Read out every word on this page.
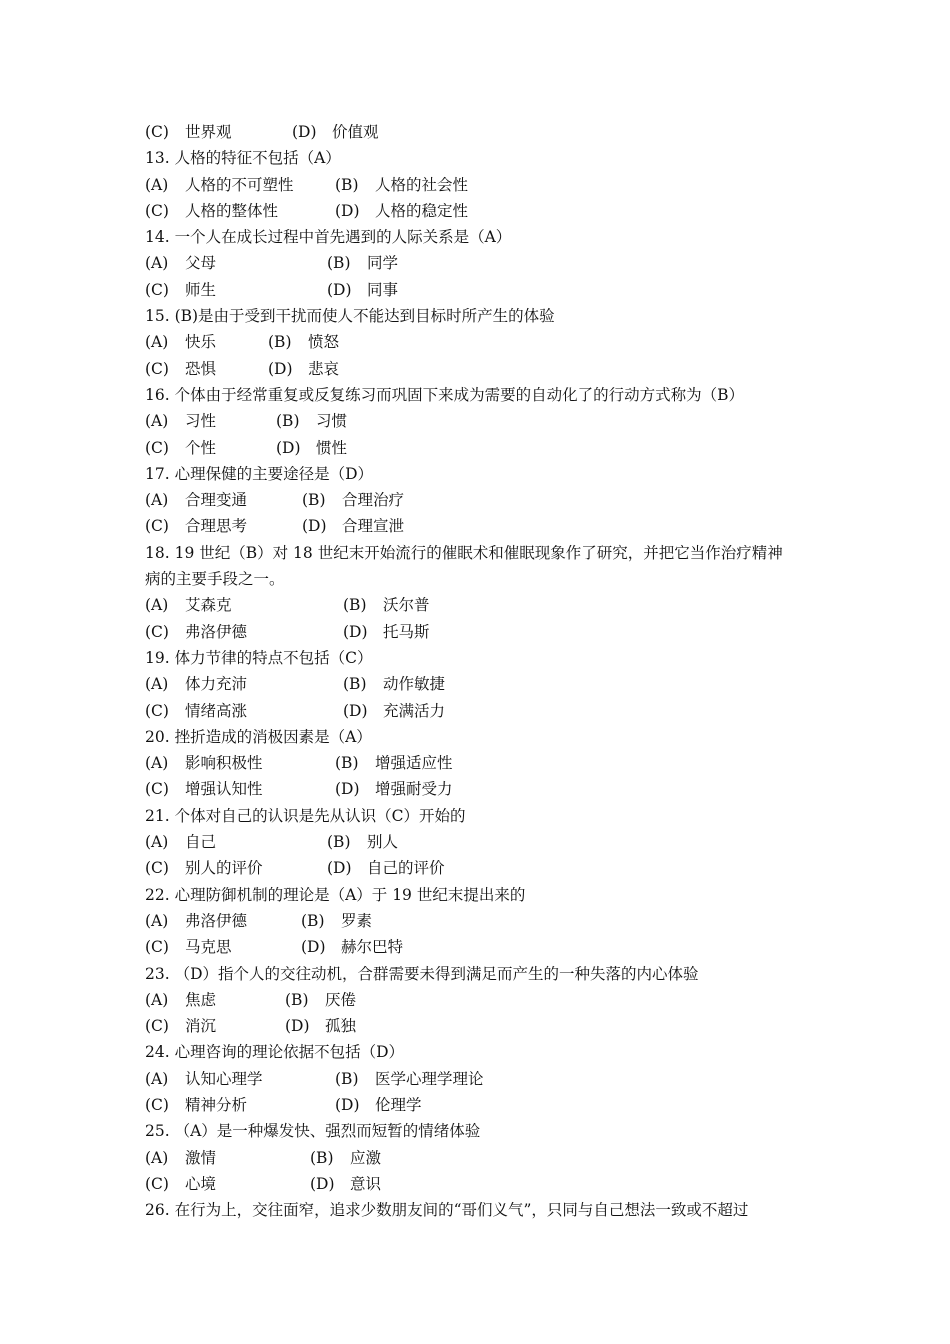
(C) 世界观	(D) 价值观
13. 人格的特征不包括（A）
(A) 人格的不可塑性	(B) 人格的社会性
(C) 人格的整体性	(D) 人格的稳定性
14. 一个人在成长过程中首先遇到的人际关系是（A）
(A) 父母	(B) 同学
(C) 师生	(D) 同事
15. (B)是由于受到干扰而使人不能达到目标时所产生的体验
(A) 快乐	(B) 愤怒
(C) 恐惧	(D) 悲哀
16. 个体由于经常重复或反复练习而巩固下来成为需要的自动化了的行动方式称为（B）
(A) 习性	(B) 习惯
(C) 个性	(D) 惯性
17. 心理保健的主要途径是（D）
(A) 合理变通	(B) 合理治疗
(C) 合理思考	(D) 合理宣泄
18. 19 世纪（B）对 18 世纪末开始流行的催眠术和催眠现象作了研究，并把它当作治疗精神
病的主要手段之一。
(A) 艾森克	(B) 沃尔普
(C) 弗洛伊德	(D) 托马斯
19. 体力节律的特点不包括（C）
(A) 体力充沛	(B) 动作敏捷
(C) 情绪高涨	(D) 充满活力
20. 挫折造成的消极因素是（A）
(A) 影响积极性	(B) 增强适应性
(C) 增强认知性	(D) 增强耐受力
21. 个体对自己的认识是先从认识（C）开始的
(A) 自己	(B) 别人
(C) 别人的评价	(D) 自己的评价
22. 心理防御机制的理论是（A）于 19 世纪末提出来的
(A) 弗洛伊德	(B) 罗素
(C) 马克思	(D) 赫尔巴特
23. （D）指个人的交往动机，合群需要未得到满足而产生的一种失落的内心体验
(A) 焦虑	(B) 厌倦
(C) 消沉	(D) 孤独
24. 心理咨询的理论依据不包括（D）
(A) 认知心理学	(B) 医学心理学理论
(C) 精神分析	(D) 伦理学
25. （A）是一种爆发快、强烈而短暂的情绪体验
(A) 激情	(B) 应激
(C) 心境	(D) 意识
26. 在行为上，交往面窄，追求少数朋友间的“哥们义气”，只同与自己想法一致或不超过
